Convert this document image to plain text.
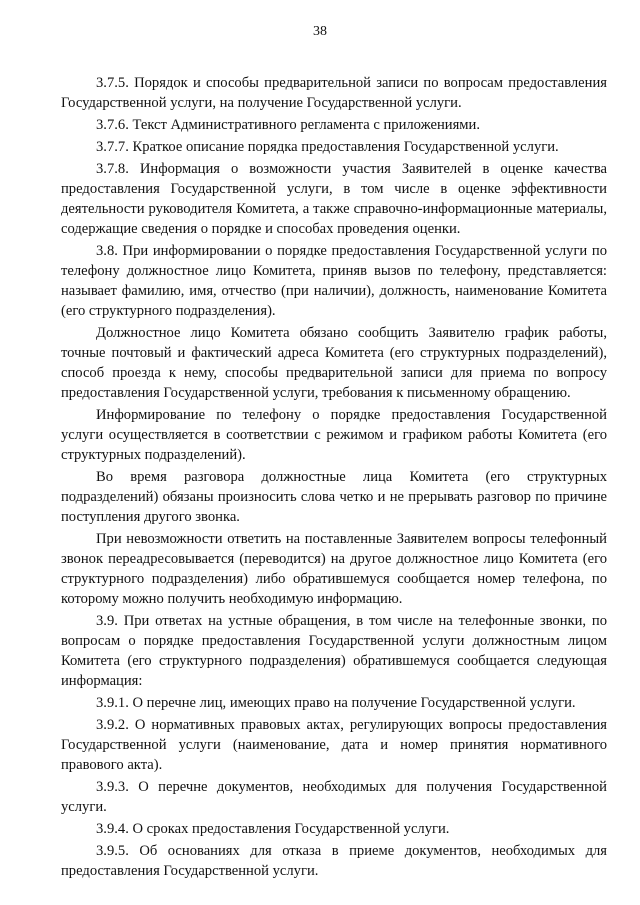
38

3.7.5. Порядок и способы предварительной записи по вопросам предоставления Государственной услуги, на получение Государственной услуги.

3.7.6. Текст Административного регламента с приложениями.

3.7.7. Краткое описание порядка предоставления Государственной услуги.

3.7.8. Информация о возможности участия Заявителей в оценке качества предоставления Государственной услуги, в том числе в оценке эффективности деятельности руководителя Комитета, а также справочно-информационные материалы, содержащие сведения о порядке и способах проведения оценки.

3.8. При информировании о порядке предоставления Государственной услуги по телефону должностное лицо Комитета, приняв вызов по телефону, представляется: называет фамилию, имя, отчество (при наличии), должность, наименование Комитета (его структурного подразделения).

Должностное лицо Комитета обязано сообщить Заявителю график работы, точные почтовый и фактический адреса Комитета (его структурных подразделений), способ проезда к нему, способы предварительной записи для приема по вопросу предоставления Государственной услуги, требования к письменному обращению.

Информирование по телефону о порядке предоставления Государственной услуги осуществляется в соответствии с режимом и графиком работы Комитета (его структурных подразделений).

Во время разговора должностные лица Комитета (его структурных подразделений) обязаны произносить слова четко и не прерывать разговор по причине поступления другого звонка.

При невозможности ответить на поставленные Заявителем вопросы телефонный звонок переадресовывается (переводится) на другое должностное лицо Комитета (его структурного подразделения) либо обратившемуся сообщается номер телефона, по которому можно получить необходимую информацию.

3.9. При ответах на устные обращения, в том числе на телефонные звонки, по вопросам о порядке предоставления Государственной услуги должностным лицом Комитета (его структурного подразделения) обратившемуся сообщается следующая информация:

3.9.1. О перечне лиц, имеющих право на получение Государственной услуги.

3.9.2. О нормативных правовых актах, регулирующих вопросы предоставления Государственной услуги (наименование, дата и номер принятия нормативного правового акта).

3.9.3. О перечне документов, необходимых для получения Государственной услуги.

3.9.4. О сроках предоставления Государственной услуги.

3.9.5. Об основаниях для отказа в приеме документов, необходимых для предоставления Государственной услуги.
